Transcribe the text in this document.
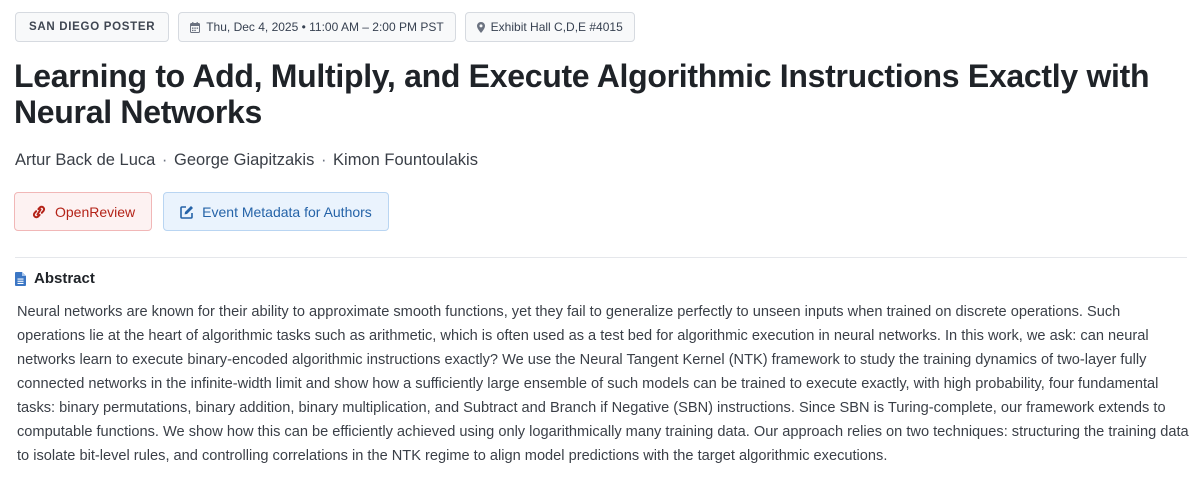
SAN DIEGO POSTER	Thu, Dec 4, 2025 • 11:00 AM – 2:00 PM PST	Exhibit Hall C,D,E #4015
Learning to Add, Multiply, and Execute Algorithmic Instructions Exactly with Neural Networks
Artur Back de Luca · George Giapitzakis · Kimon Fountoulakis
OpenReview	Event Metadata for Authors
Abstract

Neural networks are known for their ability to approximate smooth functions, yet they fail to generalize perfectly to unseen inputs when trained on discrete operations. Such operations lie at the heart of algorithmic tasks such as arithmetic, which is often used as a test bed for algorithmic execution in neural networks. In this work, we ask: can neural networks learn to execute binary-encoded algorithmic instructions exactly? We use the Neural Tangent Kernel (NTK) framework to study the training dynamics of two-layer fully connected networks in the infinite-width limit and show how a sufficiently large ensemble of such models can be trained to execute exactly, with high probability, four fundamental tasks: binary permutations, binary addition, binary multiplication, and Subtract and Branch if Negative (SBN) instructions. Since SBN is Turing-complete, our framework extends to computable functions. We show how this can be efficiently achieved using only logarithmically many training data. Our approach relies on two techniques: structuring the training data to isolate bit-level rules, and controlling correlations in the NTK regime to align model predictions with the target algorithmic executions.
